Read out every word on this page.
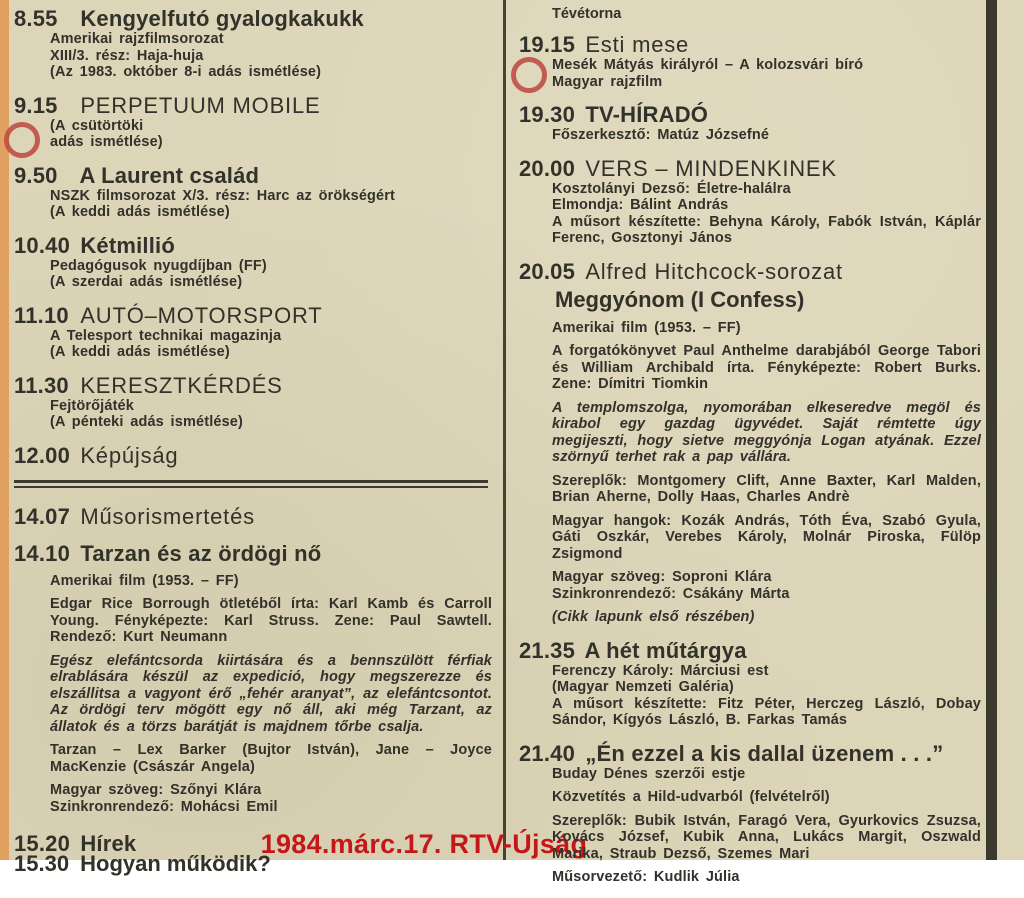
8.55 Kengyelfutó gyalogkakukk
Amerikai rajzfilmsorozat
XIII/3. rész: Haja-huja
(Az 1983. október 8-i adás ismétlése)
9.15 PERPETUUM MOBILE
(A csütörtöki
adás ismétlése)
9.50 A Laurent család
NSZK filmsorozat X/3. rész: Harc az örökségért
(A keddi adás ismétlése)
10.40 Kétmillió
Pedagógusok nyugdíjban (FF)
(A szerdai adás ismétlése)
11.10 AUTÓ–MOTORSPORT
A Telesport technikai magazinja
(A keddi adás ismétlése)
11.30 KERESZTKÉRDÉS
Fejtörőjáték
(A pénteki adás ismétlése)
12.00 Képújság
14.07 Műsorismertetés
14.10 Tarzan és az ördögi nő
Amerikai film (1953. – FF)
Edgar Rice Borrough ötletéből írta: Karl Kamb és Carroll Young. Fényképezte: Karl Struss. Zene: Paul Sawtell. Rendező: Kurt Neumann
Egész elefántcsorda kiirtására és a bennszülött férfiak elrablására készül az expedició, hogy megszerezze és elszállitsa a vagyont érő „fehér aranyat”, az elefántcsontot. Az ördögi terv mögött egy nő áll, aki még Tarzant, az állatok és a törzs barátját is majdnem tőrbe csalja.
Tarzan – Lex Barker (Bujtor István), Jane – Joyce MacKenzie (Császár Angela)
Magyar szöveg: Szőnyi Klára
Szinkronrendező: Mohácsi Emil
15.20 Hírek	1984.márc.17. RTV-Újság
15.30 Hogyan működik?
Tévétorna
19.15 Esti mese
Mesék Mátyás királyról – A kolozsvári bíró
Magyar rajzfilm
19.30 TV-HÍRADÓ
Főszerkesztő: Matúz Józsefné
20.00 VERS – MINDENKINEK
Kosztolányi Dezső: Életre-halálra
Elmondja: Bálint András
A műsort készítette: Behyna Károly, Fabók István, Káplár Ferenc, Gosztonyi János
20.05 Alfred Hitchcock-sorozat
Meggyónom (I Confess)
Amerikai film (1953. – FF)
A forgatókönyvet Paul Anthelme darabjából George Tabori és William Archibald írta. Fényképezte: Robert Burks. Zene: Dímitri Tiomkin
A templomszolga, nyomorában elkeseredve megöl és kirabol egy gazdag ügyvédet. Saját rémtette úgy megijeszti, hogy sietve meggyónja Logan atyának. Ezzel szörnyű terhet rak a pap vállára.
Szereplők: Montgomery Clift, Anne Baxter, Karl Malden, Brian Aherne, Dolly Haas, Charles Andrè
Magyar hangok: Kozák András, Tóth Éva, Szabó Gyula, Gáti Oszkár, Verebes Károly, Molnár Piroska, Fülöp Zsigmond
Magyar szöveg: Soproni Klára
Szinkronrendező: Csákány Márta
(Cikk lapunk első részében)
21.35 A hét műtárgya
Ferenczy Károly: Márciusi est
(Magyar Nemzeti Galéria)
A műsort készítette: Fitz Péter, Herczeg László, Dobay Sándor, Kígyós László, B. Farkas Tamás
21.40 „Én ezzel a kis dallal üzenem . . .”
Buday Dénes szerzői estje
Közvetítés a Hild-udvarból (felvételről)
Szereplők: Bubik István, Faragó Vera, Gyurkovics Zsuzsa, Kovács József, Kubik Anna, Lukács Margit, Oszwald Marika, Straub Dezső, Szemes Mari
Műsorvezető: Kudlik Júlia
